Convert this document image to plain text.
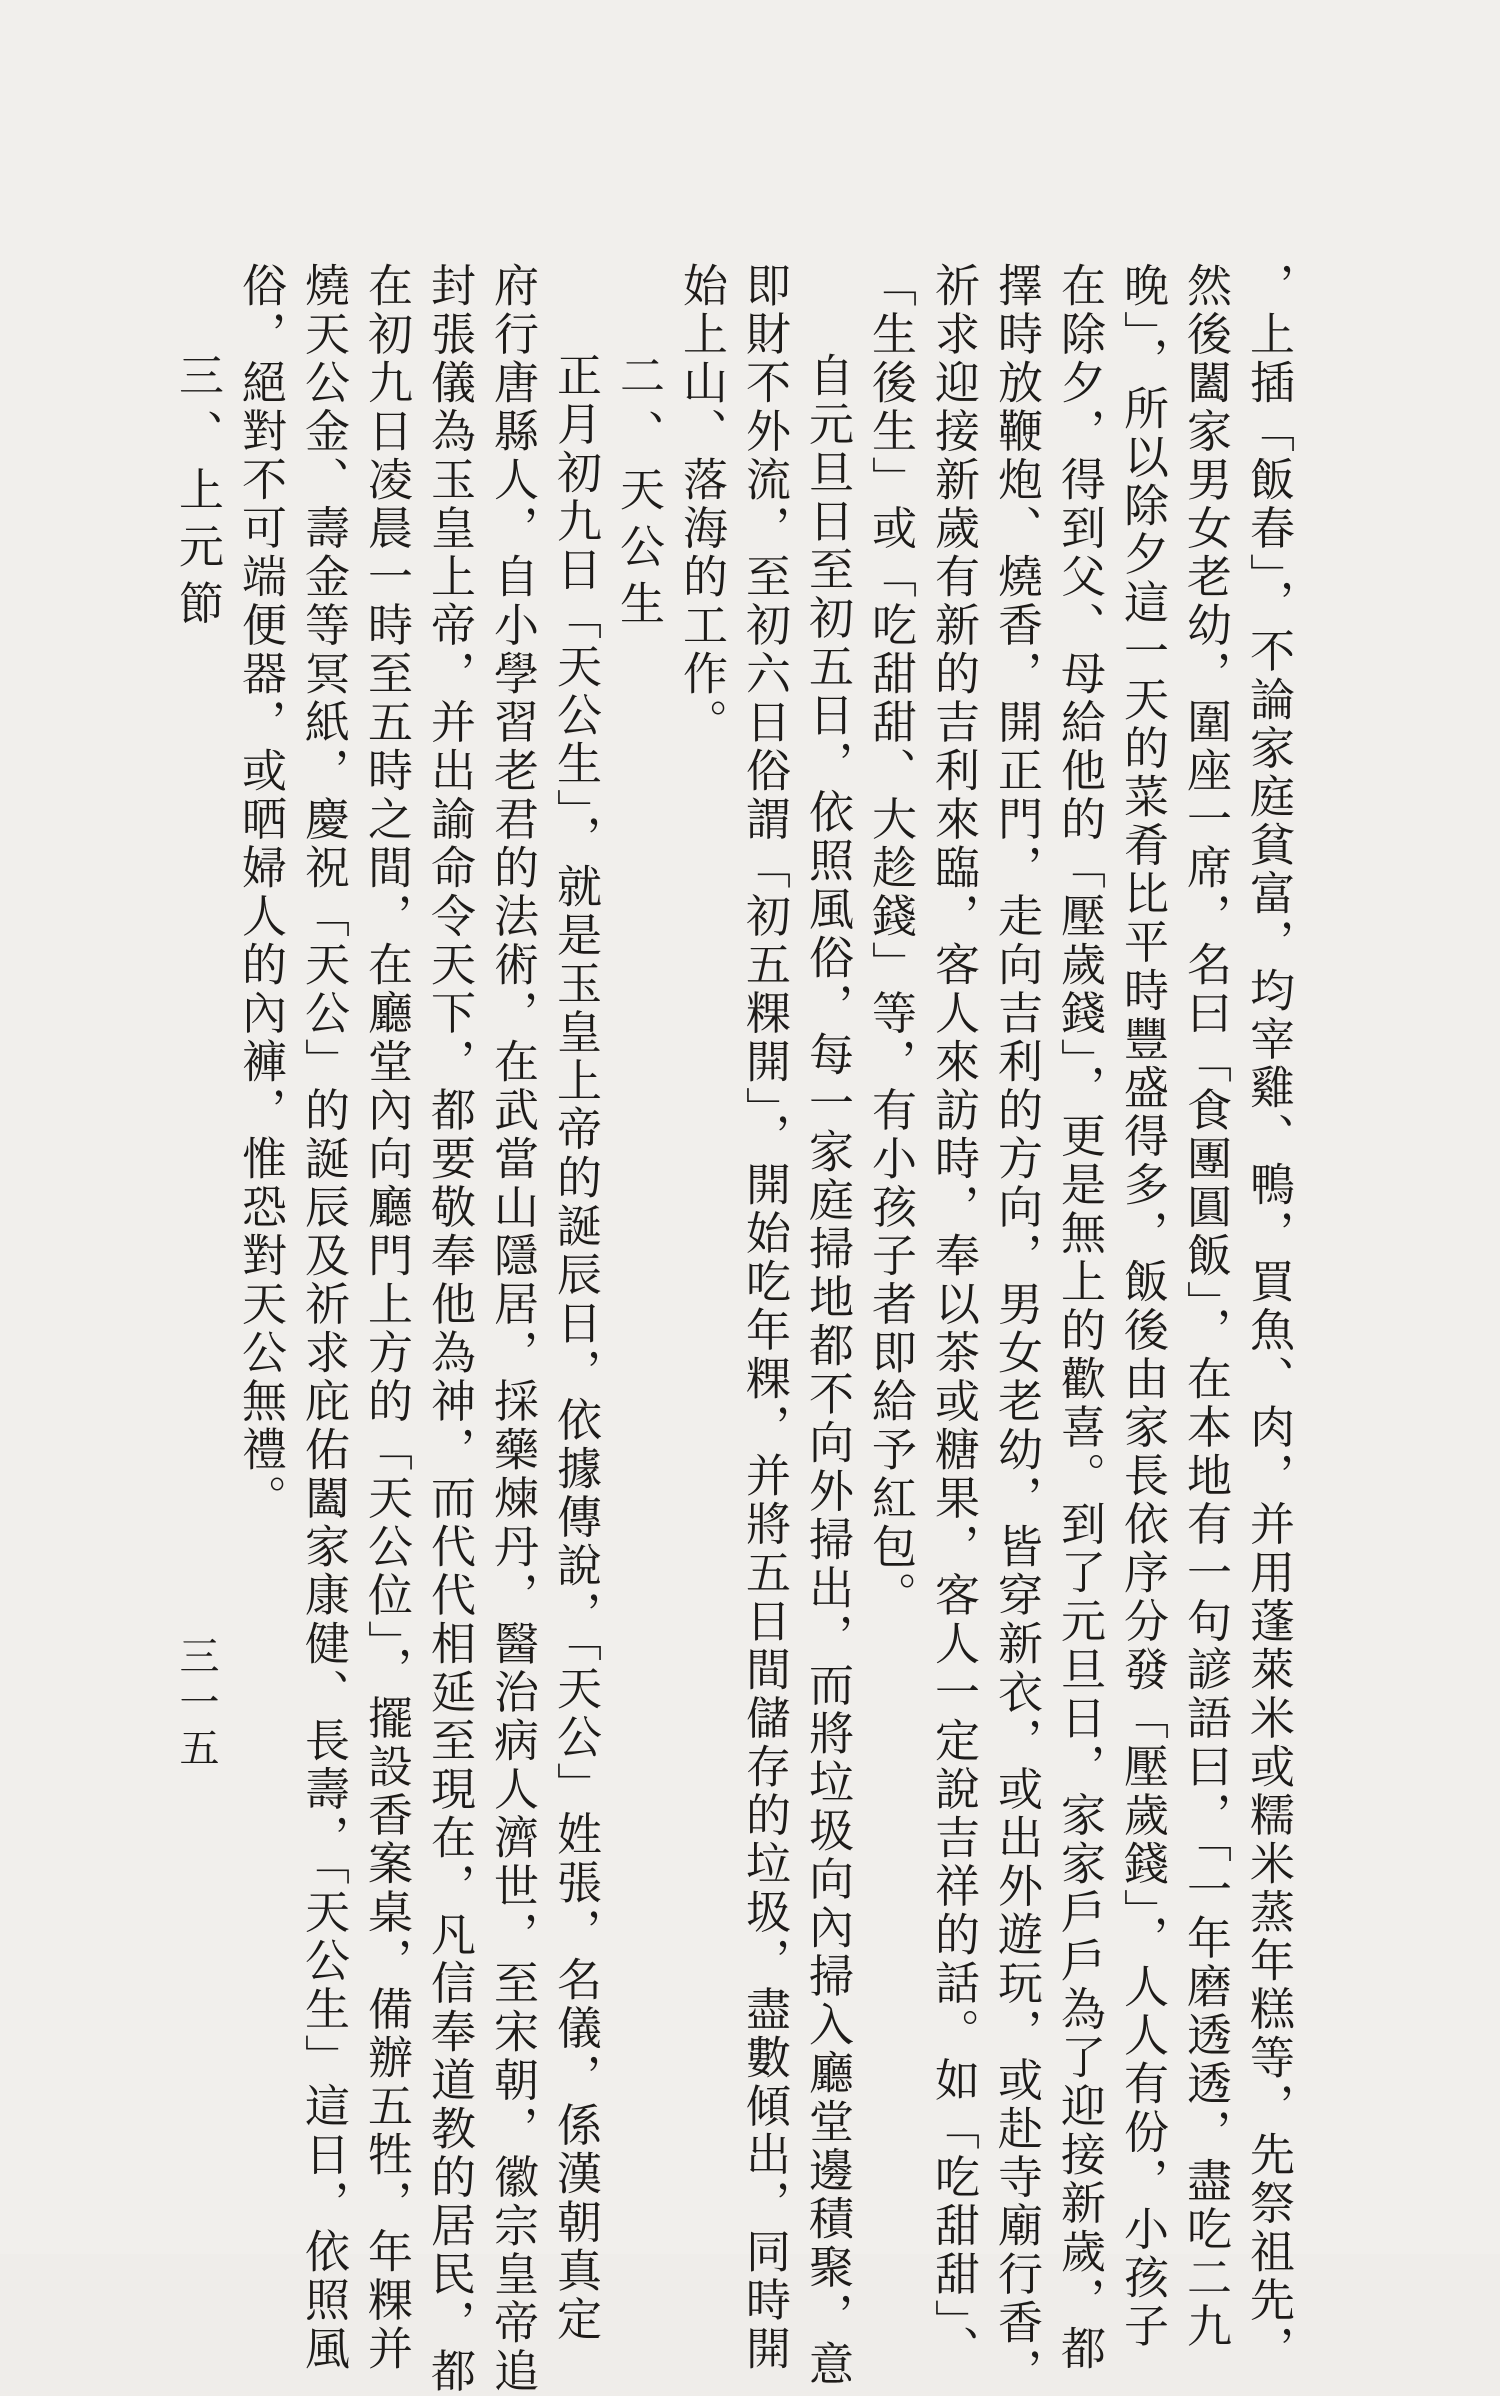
，上插「飯春」，不論家庭貧富，均宰雞、鴨，買魚、肉，并用蓬萊米或糯米蒸年糕等，先祭祖先，
然後闔家男女老幼，圍座一席，名曰「食團圓飯」，在本地有一句諺語曰，「一年磨透透，盡吃二九
晚」，所以除夕這一天的菜肴比平時豐盛得多，飯後由家長依序分發「壓歲錢」，人人有份，小孩子
在除夕，得到父、母給他的「壓歲錢」，更是無上的歡喜。到了元旦日，家家戶戶為了迎接新歲，都
擇時放鞭炮、燒香，開正門，走向吉利的方向，男女老幼，皆穿新衣，或出外遊玩，或赴寺廟行香，
祈求迎接新歲有新的吉利來臨，客人來訪時，奉以茶或糖果，客人一定說吉祥的話。如「吃甜甜」、
「生後生」或「吃甜甜、大趁錢」等，有小孩子者即給予紅包。
自元旦日至初五日，依照風俗，每一家庭掃地都不向外掃出，而將垃圾向內掃入廳堂邊積聚，意
即財不外流，至初六日俗謂「初五粿開」，開始吃年粿，并將五日間儲存的垃圾，盡數傾出，同時開
始上山、落海的工作。
二、天公生
正月初九日「天公生」，就是玉皇上帝的誕辰日，依據傳說，「天公」姓張，名儀，係漢朝真定
府行唐縣人，自小學習老君的法術，在武當山隱居，採藥煉丹，醫治病人濟世，至宋朝，徽宗皇帝追
封張儀為玉皇上帝，并出諭命令天下，都要敬奉他為神，而代代相延至現在，凡信奉道教的居民，都
在初九日凌晨一時至五時之間，在廳堂內向廳門上方的「天公位」，擺設香案桌，備辦五牲，年粿并
燒天公金、壽金等冥紙，慶祝「天公」的誕辰及祈求庇佑闔家康健、長壽，「天公生」這日，依照風
俗，絕對不可端便器，或晒婦人的內褲，惟恐對天公無禮。
三、上元節
三一五
